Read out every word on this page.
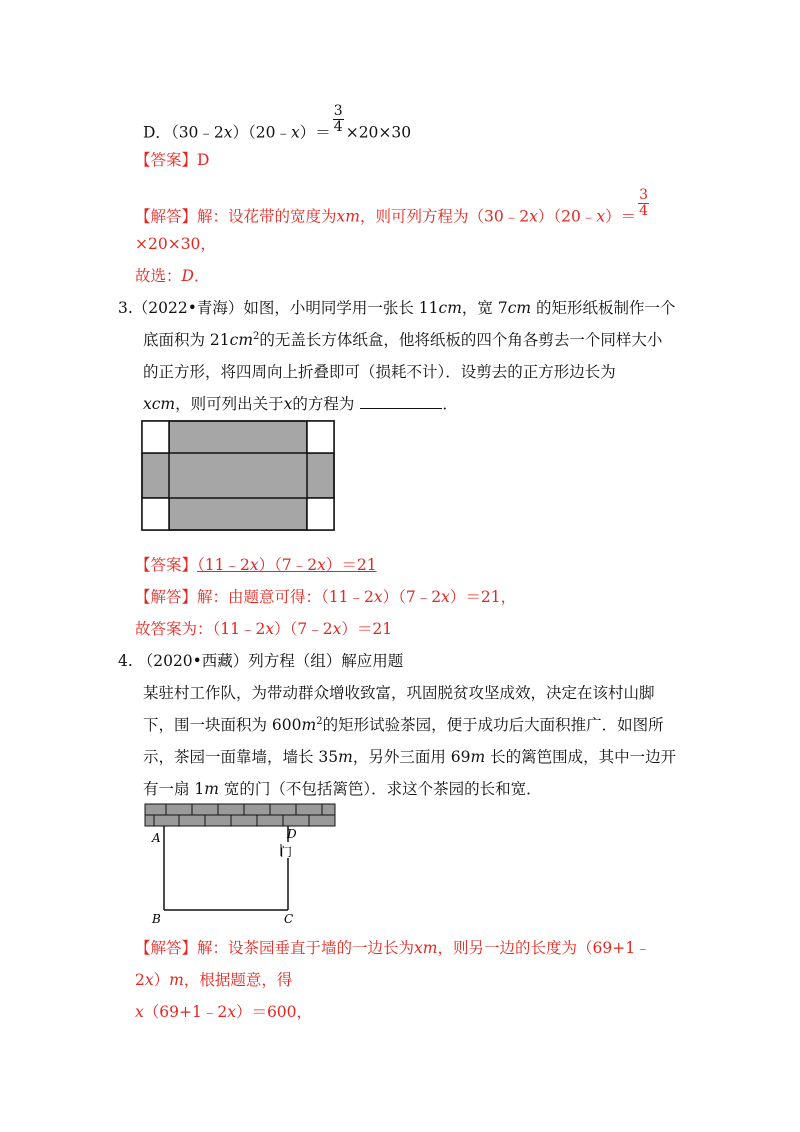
D．（30﹣2x）（20﹣x）＝ $\frac{3}{4} \times 20\times 30$
【答案】D
【解答】解：设花带的宽度为xm，则可列方程为（30﹣2x）（20﹣x）＝ $\frac{3}{4}$
×20×30，
故选：D．
3.（2022•青海）如图，小明同学用一张长 11cm，宽 7cm 的矩形纸板制作一个
底面积为 $21cm^2$的无盖长方体纸盒，他将纸板的四个角各剪去一个同样大小
的正方形，将四周向上折叠即可（损耗不计）．设剪去的正方形边长为
xcm，则可列出关于x的方程为	．
【答案】（11﹣2x）（7﹣2x）＝21
【解答】解：由题意可得：（11﹣2x）（7﹣2x）＝21，
故答案为：（11﹣2x）（7﹣2x）＝21
4. （2020•西藏）列方程（组）解应用题
某驻村工作队，为带动群众增收致富，巩固脱贫攻坚成效，决定在该村山脚
下，围一块面积为 $600m^2$的矩形试验茶园，便于成功后大面积推广．如图所
示，茶园一面靠墙，墙长 35m，另外三面用 69m 长的篱笆围成，其中一边开
有一扇 1m 宽的门（不包括篱笆）．求这个茶园的长和宽．
A	D
门
B	C
【解答】解：设茶园垂直于墙的一边长为xm，则另一边的长度为（69+1﹣
2x）m，根据题意，得
x（69+1﹣2x）＝600，
